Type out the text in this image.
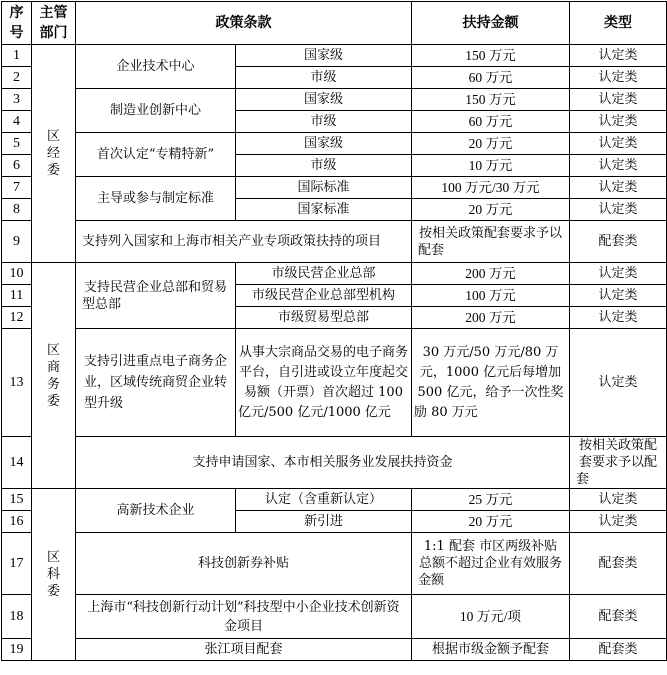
序号	主管部门	政策条款		扶持金额	类型	
1	区经委	企业技术中心	国家级	150 万元	认定类	
2			市级	60 万元	认定类	
3		制造业创新中心	国家级	150 万元	认定类	
4			市级	60 万元	认定类	
5		首次认定“专精特新”	国家级	20 万元	认定类	
6			市级	10 万元	认定类	
7		主导或参与制定标准	国际标准	100 万元/30 万元	认定类	
8			国家标准	20 万元	认定类	
9		支持列入国家和上海市相关产业专项政策扶持的项目		按相关政策配套要求予以配套	配套类	
10	区商务委	支持民营企业总部和贸易型总部	市级民营企业总部	200 万元	认定类	
11			市级民营企业总部型机构	100 万元	认定类	
12			市级贸易型总部	200 万元	认定类	
13		支持引进重点电子商务企业，区域传统商贸企业转型升级	从事大宗商品交易的电子商务平台，自引进或设立年度起交易额（开票）首次超过 100 亿元/500 亿元/1000 亿元	30 万元/50 万元/80 万元，1000 亿元后每增加 500 亿元，给予一次性奖励 80 万元	认定类	
14		支持申请国家、本市相关服务业发展扶持资金			按相关政策配套要求予以配套	
15	区科委	高新技术企业	认定（含重新认定）	25 万元	认定类	
16			新引进	20 万元	认定类	
17		科技创新券补贴		1:1 配套 市区两级补贴总额不超过企业有效服务金额	配套类	
18		上海市“科技创新行动计划”科技型中小企业技术创新资金项目		10 万元/项	配套类	
19		张江项目配套		根据市级金额予配套	配套类	
